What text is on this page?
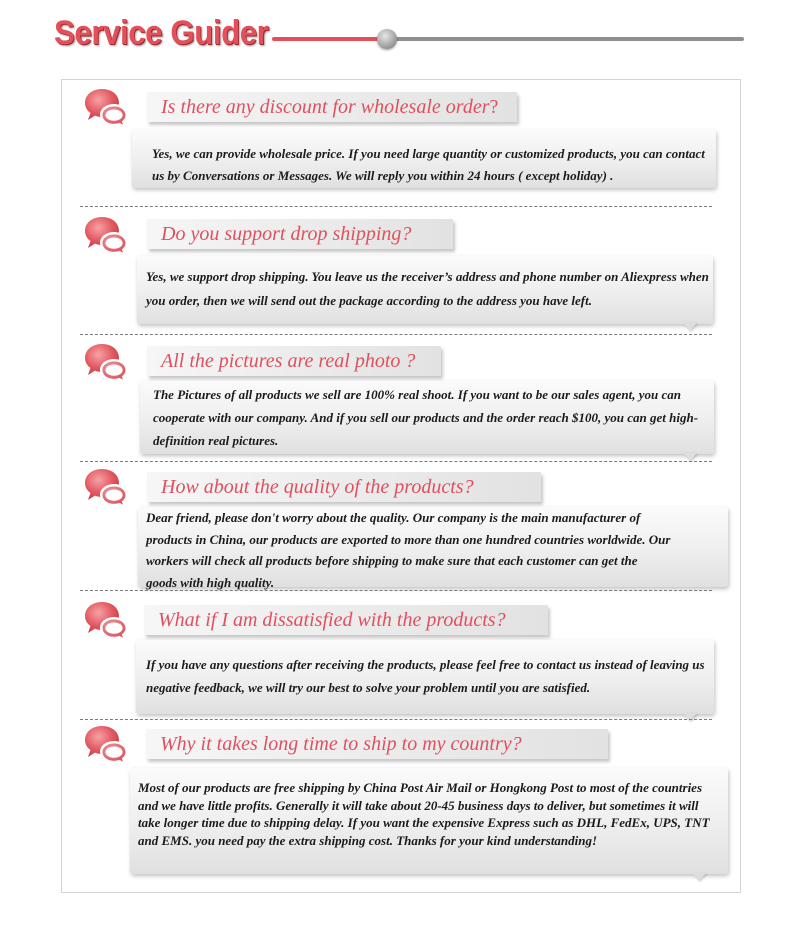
Service Guider
Is there any discount for wholesale order?
Yes, we can provide wholesale price. If you need large quantity or customized products, you can contact us by Conversations or Messages. We will reply you within 24 hours ( except holiday) .
Do you support drop shipping?
Yes, we support drop shipping. You leave us the receiver’s address and phone number on Aliexpress when you order, then we will send out the package according to the address you have left.
All the pictures are real photo ?
The Pictures of all products we sell are 100% real shoot. If you want to be our sales agent, you can cooperate with our company. And if you sell our products and the order reach $100, you can get high-definition real pictures.
How about the quality of the products?
Dear friend, please don't worry about the quality. Our company is the main manufacturer of products in China, our products are exported to more than one hundred countries worldwide. Our workers will check all products before shipping to make sure that each customer can get the goods with high quality.
What if I am dissatisfied with the products?
If you have any questions after receiving the products, please feel free to contact us instead of leaving us negative feedback, we will try our best to solve your problem until you are satisfied.
Why it takes long time to ship to my country?
Most of our products are free shipping by China Post Air Mail or Hongkong Post to most of the countries and we have little profits. Generally it will take about 20-45 business days to deliver, but sometimes it will take longer time due to shipping delay. If you want the expensive Express such as DHL, FedEx, UPS, TNT and EMS. you need pay the extra shipping cost. Thanks for your kind understanding!
